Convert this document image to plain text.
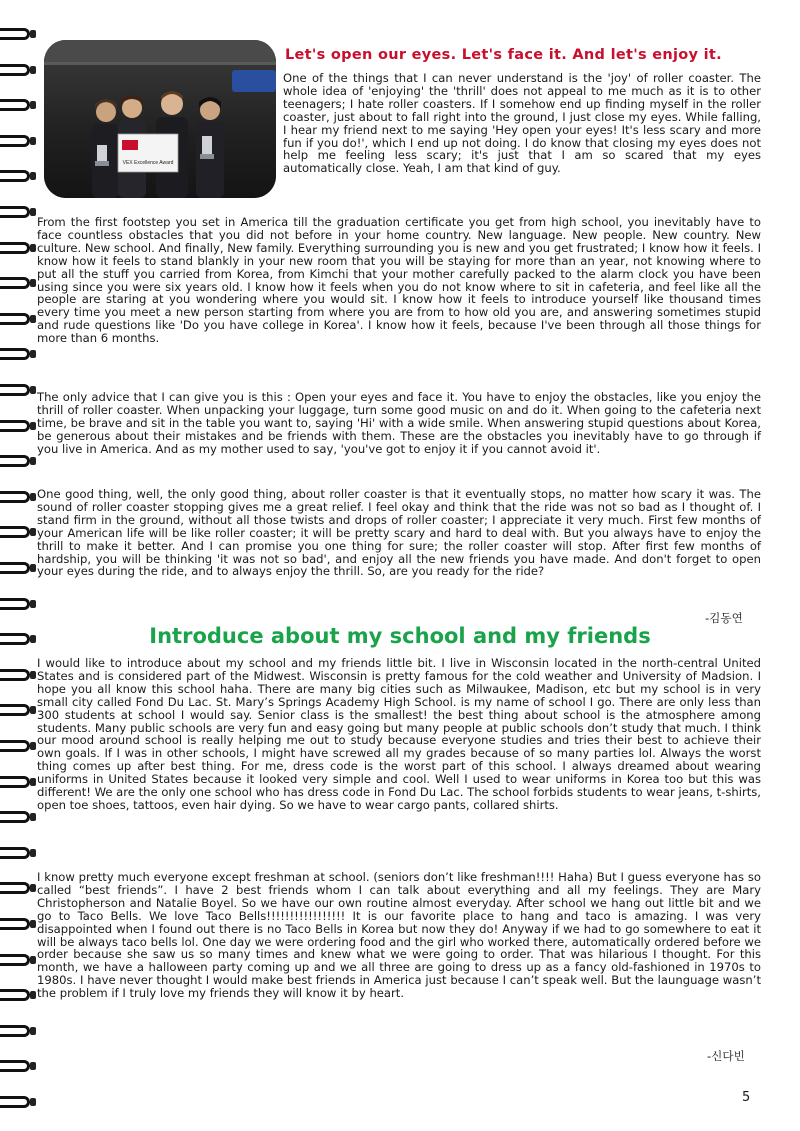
VEX Excellence Award
Let's open our eyes. Let's face it. And let's enjoy it.

One of the things that I can never understand is the 'joy' of roller coaster. The whole idea of 'enjoying' the 'thrill' does not appeal to me much as it is to other teenagers; I hate roller coasters. If I somehow end up finding myself in the roller coaster, just about to fall right into the ground, I just close my eyes. While falling, I hear my friend next to me saying 'Hey open your eyes! It's less scary and more fun if you do!', which I end up not doing. I do know that closing my eyes does not help me feeling less scary; it's just that I am so scared that my eyes automatically close. Yeah, I am that kind of guy.

From the first footstep you set in America till the graduation certificate you get from high school, you inevitably have to face countless obstacles that you did not before in your home country. New language. New people. New country. New culture. New school. And finally, New family. Everything surrounding you is new and you get frustrated; I know how it feels. I know how it feels to stand blankly in your new room that you will be staying for more than an year, not knowing where to put all the stuff you carried from Korea, from Kimchi that your mother carefully packed to the alarm clock you have been using since you were six years old. I know how it feels when you do not know where to sit in cafeteria, and feel like all the people are staring at you wondering where you would sit. I know how it feels to introduce yourself like thousand times every time you meet a new person starting from where you are from to how old you are, and answering sometimes stupid and rude questions like 'Do you have college in Korea'. I know how it feels, because I've been through all those things for more than 6 months.

The only advice that I can give you is this : Open your eyes and face it. You have to enjoy the obstacles, like you enjoy the thrill of roller coaster. When unpacking your luggage, turn some good music on and do it. When going to the cafeteria next time, be brave and sit in the table you want to, saying 'Hi' with a wide smile. When answering stupid questions about Korea, be generous about their mistakes and be friends with them. These are the obstacles you inevitably have to go through if you live in America. And as my mother used to say, 'you've got to enjoy it if you cannot avoid it'.

One good thing, well, the only good thing, about roller coaster is that it eventually stops, no matter how scary it was. The sound of roller coaster stopping gives me a great relief. I feel okay and think that the ride was not so bad as I thought of. I stand firm in the ground, without all those twists and drops of roller coaster; I appreciate it very much. First few months of your American life will be like roller coaster; it will be pretty scary and hard to deal with. But you always have to enjoy the thrill to make it better. And I can promise you one thing for sure; the roller coaster will stop. After first few months of hardship, you will be thinking 'it was not so bad', and enjoy all the new friends you have made. And don't forget to open your eyes during the ride, and to always enjoy the thrill. So, are you ready for the ride?

-김동연
Introduce about my school and my friends

I would like to introduce about my school and my friends little bit. I live in Wisconsin located in the north-central United States and is considered part of the Midwest. Wisconsin is pretty famous for the cold weather and University of Madsion. I hope you all know this school haha. There are many big cities such as Milwaukee, Madison, etc but my school is in very small city called Fond Du Lac. St. Mary’s Springs Academy High School. is my name of school I go. There are only less than 300 students at school I would say. Senior class is the smallest! the best thing about school is the atmosphere among students. Many public schools are very fun and easy going but many people at public schools don’t study that much. I think our mood around school is really helping me out to study because everyone studies and tries their best to achieve their own goals. If I was in other schools, I might have screwed all my grades because of so many parties lol. Always the worst thing comes up after best thing. For me, dress code is the worst part of this school. I always dreamed about wearing uniforms in United States because it looked very simple and cool. Well I used to wear uniforms in Korea too but this was different! We are the only one school who has dress code in Fond Du Lac. The school forbids students to wear jeans, t-shirts, open toe shoes, tattoos, even hair dying. So we have to wear cargo pants, collared shirts.

I know pretty much everyone except freshman at school. (seniors don’t like freshman!!!! Haha) But I guess everyone has so called “best friends”. I have 2 best friends whom I can talk about everything and all my feelings. They are Mary Christopherson and Natalie Boyel. So we have our own routine almost everyday. After school we hang out little bit and we go to Taco Bells. We love Taco Bells!!!!!!!!!!!!!!!!! It is our favorite place to hang and taco is amazing. I was very disappointed when I found out there is no Taco Bells in Korea but now they do! Anyway if we had to go somewhere to eat it will be always taco bells lol. One day we were ordering food and the girl who worked there, automatically ordered before we order because she saw us so many times and knew what we were going to order. That was hilarious I thought. For this month, we have a halloween party coming up and we all three are going to dress up as a fancy old-fashioned in 1970s to 1980s. I have never thought I would make best friends in America just because I can’t speak well. But the launguage wasn’t the problem if I truly love my friends they will know it by heart.

-신다빈
5
